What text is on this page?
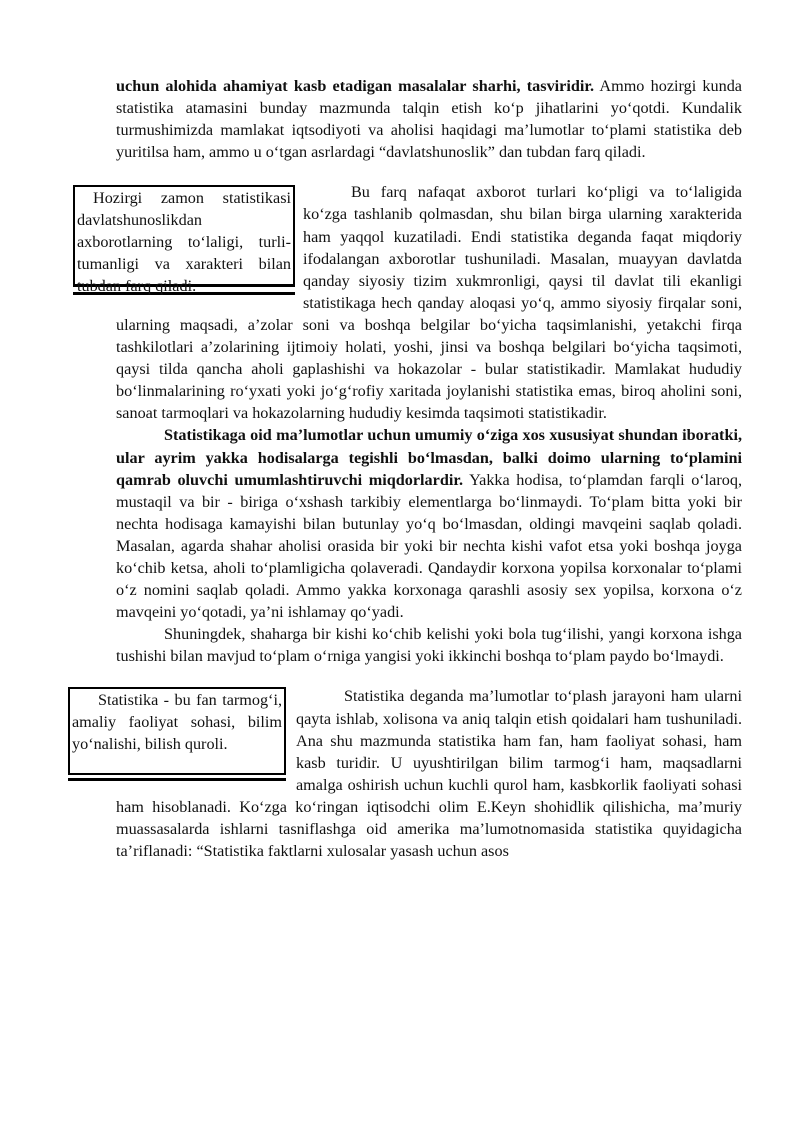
uchun alohida ahamiyat kasb etadigan masalalar sharhi, tasviridir. Ammo hozirgi kunda statistika atamasini bunday mazmunda talqin etish ko‘p jihatlarini yo‘qotdi. Kundalik turmushimizda mamlakat iqtsodiyoti va aholisi haqidagi ma’lumotlar to‘plami statistika deb yuritilsa ham, ammo u o‘tgan asrlardagi “davlatshunoslik” dan tubdan farq qiladi.

Hozirgi zamon statistikasi davlatshunoslikdan axborotlarning to‘laligi, turli-tumanligi va xarakteri bilan tubdan farq qiladi.

Bu farq nafaqat axborot turlari ko‘pligi va to‘laligida ko‘zga tashlanib qolmasdan, shu bilan birga ularning xarakterida ham yaqqol kuzatiladi. Endi statistika deganda faqat miqdoriy ifodalangan axborotlar tushuniladi. Masalan, muayyan davlatda qanday siyosiy tizim xukmronligi, qaysi til davlat tili ekanligi statistikaga hech qanday aloqasi yo‘q, ammo siyosiy firqalar soni, ularning maqsadi, a’zolar soni va boshqa belgilar bo‘yicha taqsimlanishi, yetakchi firqa tashkilotlari a’zolarining ijtimoiy holati, yoshi, jinsi va boshqa belgilari bo‘yicha taqsimoti, qaysi tilda qancha aholi gaplashishi va hokazolar - bular statistikadir. Mamlakat hududiy bo‘linmalarining ro‘yxati yoki jo‘g‘rofiy xaritada joylanishi statistika emas, biroq aholini soni, sanoat tarmoqlari va hokazolarning hududiy kesimda taqsimoti statistikadir.

Statistikaga oid ma’lumotlar uchun umumiy o‘ziga xos xususiyat shundan iboratki, ular ayrim yakka hodisalarga tegishli bo‘lmasdan, balki doimo ularning to‘plamini qamrab oluvchi umumlashtiruvchi miqdorlardir. Yakka hodisa, to‘plamdan farqli o‘laroq, mustaqil va bir - biriga o‘xshash tarkibiy elementlarga bo‘linmaydi. To‘plam bitta yoki bir nechta hodisaga kamayishi bilan butunlay yo‘q bo‘lmasdan, oldingi mavqeini saqlab qoladi. Masalan, agarda shahar aholisi orasida bir yoki bir nechta kishi vafot etsa yoki boshqa joyga ko‘chib ketsa, aholi to‘plamligicha qolaveradi. Qandaydir korxona yopilsa korxonalar to‘plami o‘z nomini saqlab qoladi. Ammo yakka korxonaga qarashli asosiy sex yopilsa, korxona o‘z mavqeini yo‘qotadi, ya’ni ishlamay qo‘yadi.

Shuningdek, shaharga bir kishi ko‘chib kelishi yoki bola tug‘ilishi, yangi korxona ishga tushishi bilan mavjud to‘plam o‘rniga yangisi yoki ikkinchi boshqa to‘plam paydo bo‘lmaydi.

Statistika - bu fan tarmog‘i, amaliy faoliyat sohasi, bilim yo‘nalishi, bilish quroli.

Statistika deganda ma’lumotlar to‘plash jarayoni ham ularni qayta ishlab, xolisona va aniq talqin etish qoidalari ham tushuniladi. Ana shu mazmunda statistika ham fan, ham faoliyat sohasi, ham kasb turidir. U uyushtirilgan bilim tarmog‘i ham, maqsadlarni amalga oshirish uchun kuchli qurol ham, kasbkorlik faoliyati sohasi ham hisoblanadi. Ko‘zga ko‘ringan iqtisodchi olim E.Keyn shohidlik qilishicha, ma’muriy muassasalarda ishlarni tasniflashga oid amerika ma’lumotnomasida statistika quyidagicha ta’riflanadi: “Statistika faktlarni xulosalar yasash uchun asos
